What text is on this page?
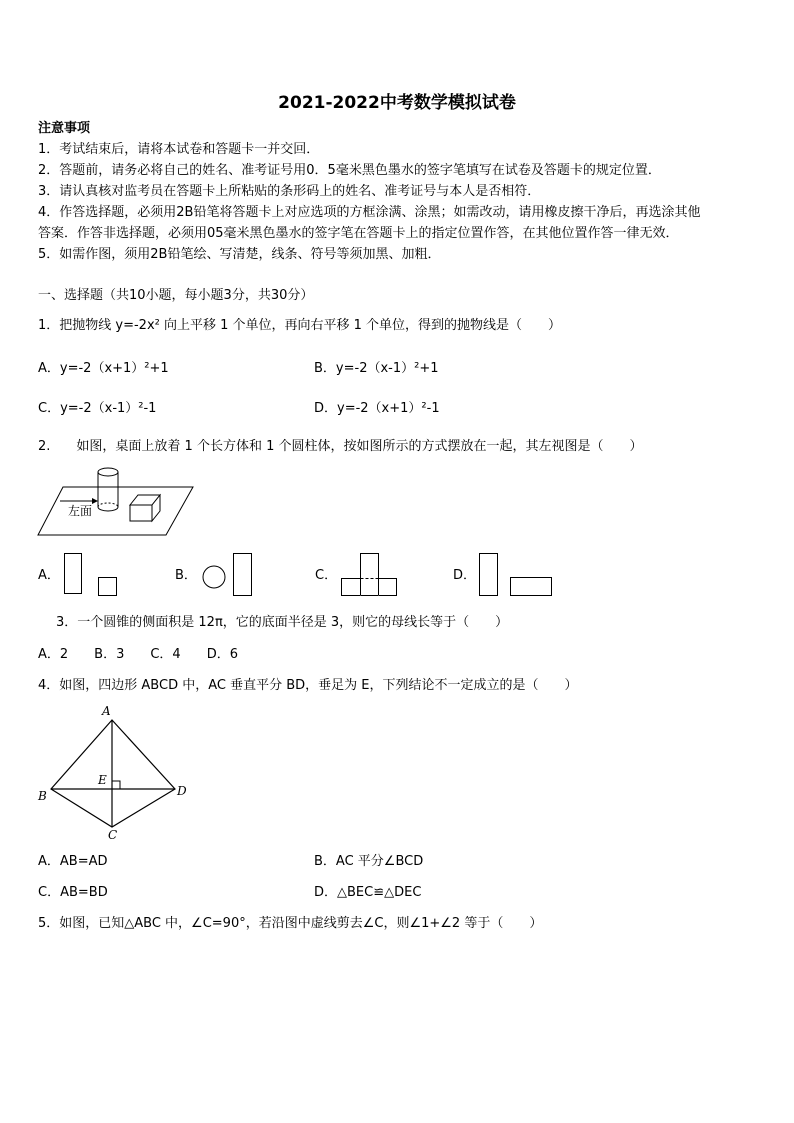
2021-2022中考数学模拟试卷
注意事项
1．考试结束后，请将本试卷和答题卡一并交回．
2．答题前，请务必将自己的姓名、准考证号用0．5毫米黑色墨水的签字笔填写在试卷及答题卡的规定位置．
3．请认真核对监考员在答题卡上所粘贴的条形码上的姓名、准考证号与本人是否相符．
4．作答选择题，必须用2B铅笔将答题卡上对应选项的方框涂满、涂黑；如需改动，请用橡皮擦干净后，再选涂其他
答案．作答非选择题，必须用05毫米黑色墨水的签字笔在答题卡上的指定位置作答，在其他位置作答一律无效．
5．如需作图，须用2B铅笔绘、写清楚，线条、符号等须加黑、加粗．
一、选择题（共10小题，每小题3分，共30分）
1．把抛物线 y=-2x² 向上平移 1 个单位，再向右平移 1 个单位，得到的抛物线是（　　）
A．y=-2（x+1）²+1	B．y=-2（x-1）²+1
C．y=-2（x-1）²-1	D．y=-2（x+1）²-1
2.　　如图，桌面上放着 1 个长方体和 1 个圆柱体，按如图所示的方式摆放在一起，其左视图是（　　）
左面
A．	B．	C．	D．
3．一个圆锥的侧面积是 12π，它的底面半径是 3，则它的母线长等于（　　）
A．2　　B．3　　C．4　　D．6
4．如图，四边形 ABCD 中，AC 垂直平分 BD，垂足为 E，下列结论不一定成立的是（　　）
A
B
C
D
E
A．AB=AD	B．AC 平分∠BCD
C．AB=BD	D．△BEC≌△DEC
5．如图，已知△ABC 中，∠C=90°，若沿图中虚线剪去∠C，则∠1+∠2 等于（　　）
